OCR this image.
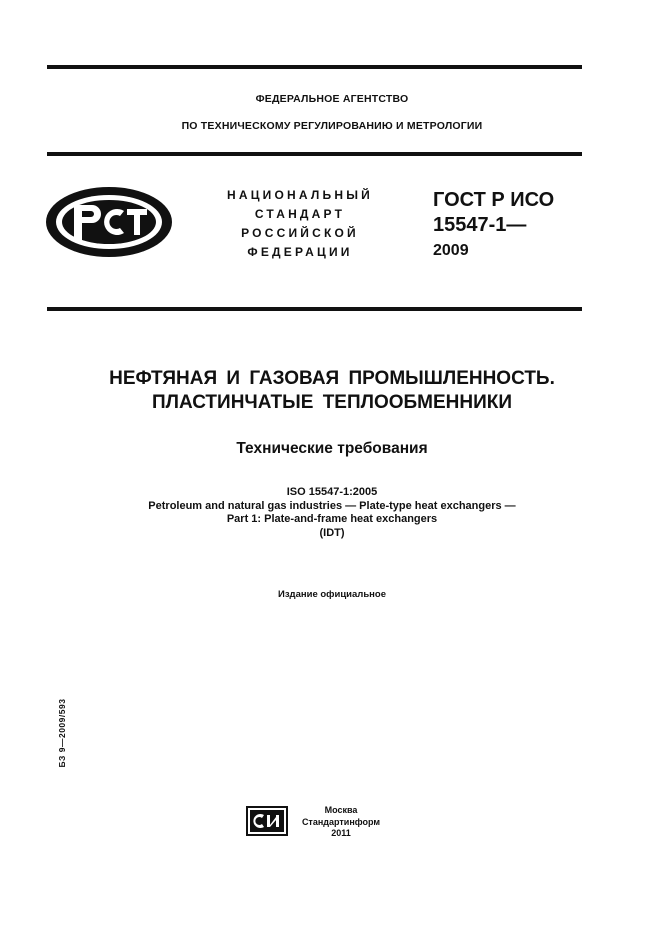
ФЕДЕРАЛЬНОЕ АГЕНТСТВО
ПО ТЕХНИЧЕСКОМУ РЕГУЛИРОВАНИЮ И МЕТРОЛОГИИ
НАЦИОНАЛЬНЫЙ
СТАНДАРТ
РОССИЙСКОЙ
ФЕДЕРАЦИИ
ГОСТ Р ИСО
15547-1—
2009
НЕФТЯНАЯ И ГАЗОВАЯ ПРОМЫШЛЕННОСТЬ.
ПЛАСТИНЧАТЫЕ ТЕПЛООБМЕННИКИ
Технические требования
ISO 15547-1:2005
Petroleum and natural gas industries — Plate-type heat exchangers —
Part 1: Plate-and-frame heat exchangers
(IDT)
Издание официальное
БЗ 9—2009/593
Москва
Стандартинформ
2011
